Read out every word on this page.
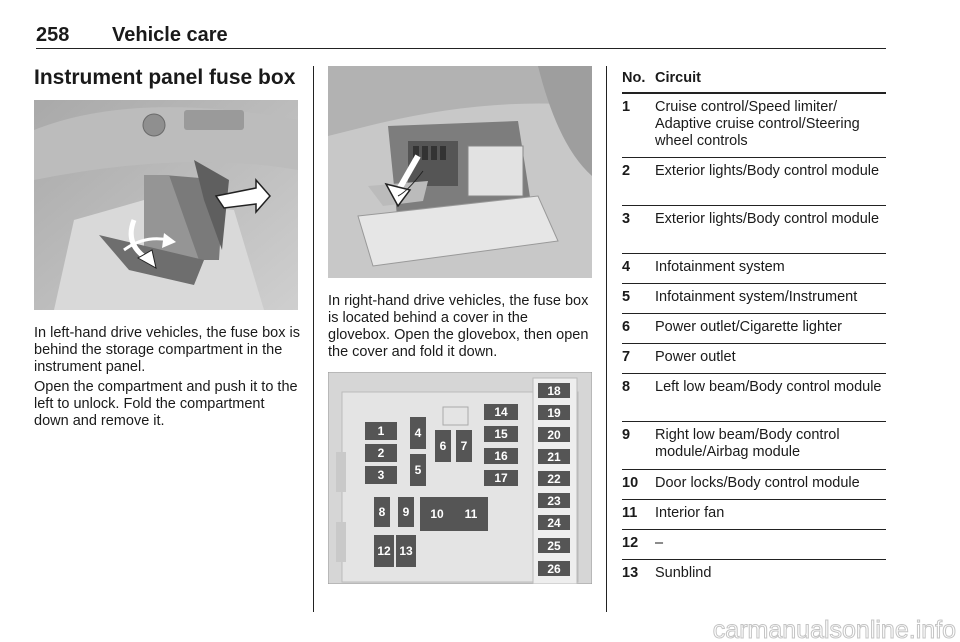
258 Vehicle care
Instrument panel fuse box

In left-hand drive vehicles, the fuse box is behind the storage compartment in the instrument panel.

Open the compartment and push it to the left to unlock. Fold the compartment down and remove it.

In right-hand drive vehicles, the fuse box is located behind a cover in the glovebox. Open the glovebox, then open the cover and fold it down.

1
2
3
4
5
6 7
8 9 10 11
12 13
14
15
16
17
18
19
20
21
22
23
24
25
26
No. Circuit
1 Cruise control/Speed limiter/ Adaptive cruise control/Steering wheel controls
2 Exterior lights/Body control module
3 Exterior lights/Body control module
4 Infotainment system
5 Infotainment system/Instrument
6 Power outlet/Cigarette lighter
7 Power outlet
8 Left low beam/Body control module
9 Right low beam/Body control module/Airbag module
10 Door locks/Body control module
11 Interior fan
12 –
13 Sunblind
carmanualsonline.info
